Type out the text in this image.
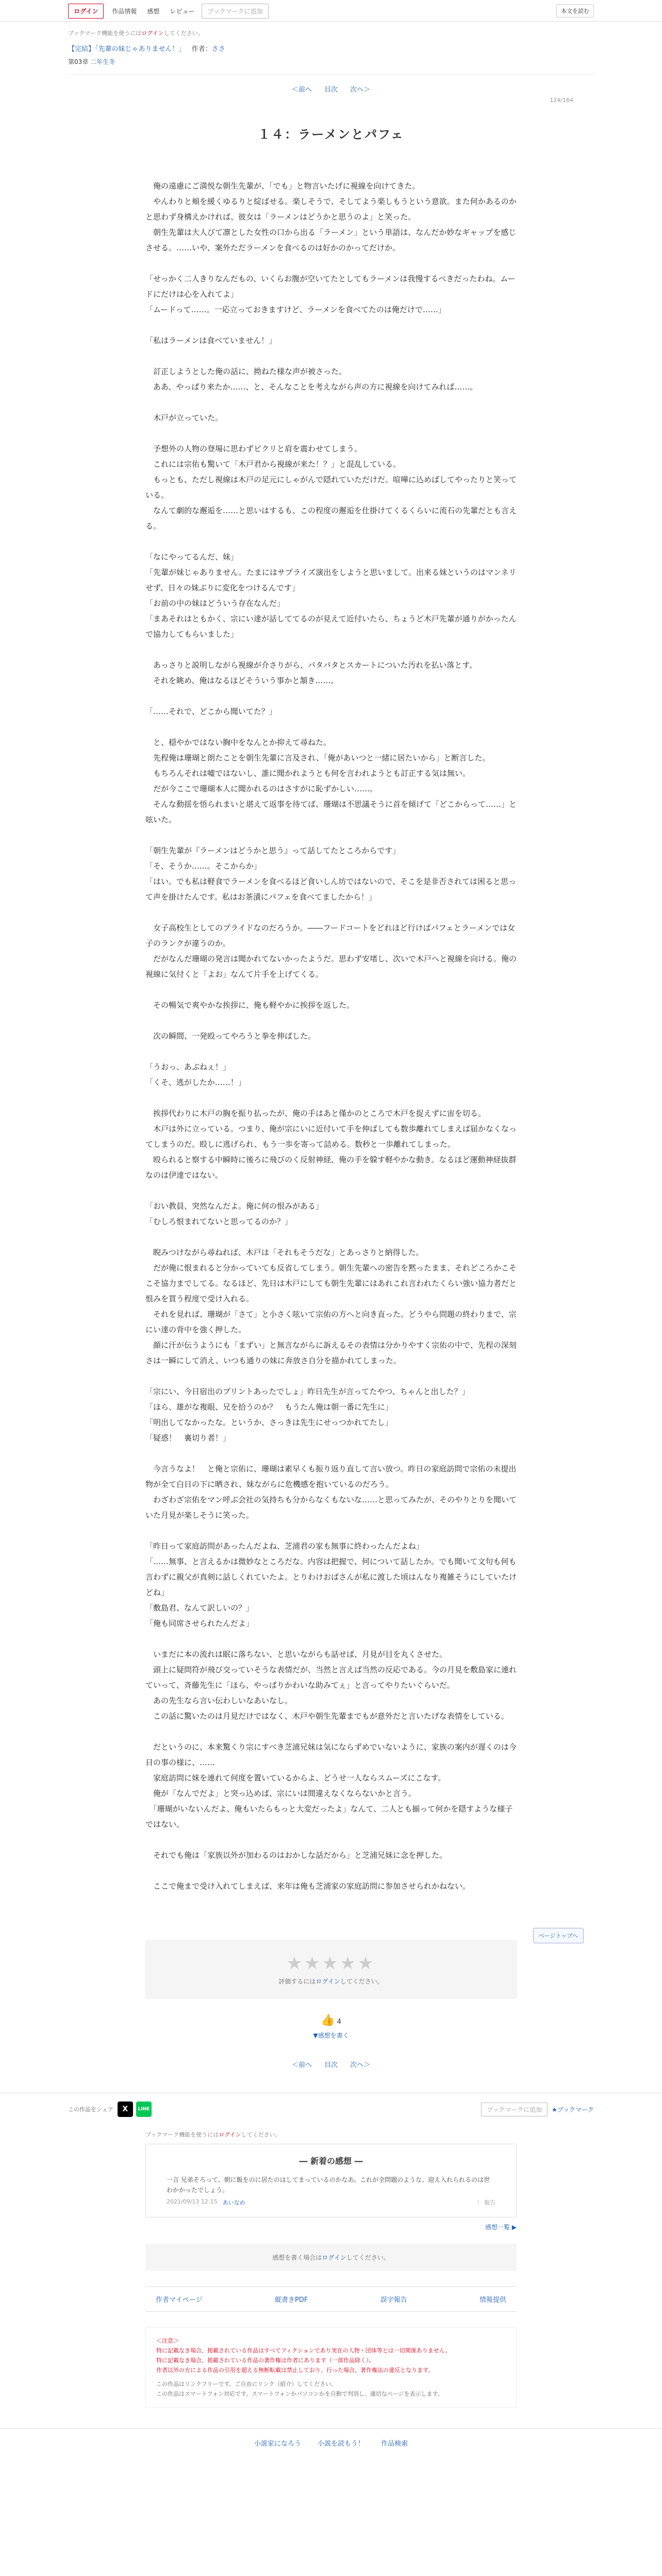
ログイン	作品情報	感想	レビュー	ブックマークに追加	本文を読む
ブックマーク機能を使うにはログインしてください。
【完結】「先輩の妹じゃありません！」 作者：ささ
第03章 二年生冬
＜前へ 目次 次へ＞
124/164
１４：ラーメンとパフェ

　俺の遠慮にご満悦な朝生先輩が、「でも」と物言いたげに視線を向けてきた。

　やんわりと頬を緩くゆるりと綻ばせる。楽しそうで、そしてよう楽しもうという意欲。また何かあるのかと思わず身構えかければ、彼女は「ラーメンはどうかと思うのよ」と笑った。

　朝生先輩は大人びて凛とした女性の口から出る「ラーメン」という単語は、なんだか妙なギャップを感じさせる。……いや、案外ただラーメンを食べるのは好かのかってだけか。

「せっかく二人きりなんだもの、いくらお腹が空いてたとしてもラーメンは我慢するべきだったわね。ムードにだけは心を入れてよ」

「ムードって……。一応立っておきますけど、ラーメンを食べてたのは俺だけで……」

「私はラーメンは食べていません！」

　訂正しようとした俺の話に、拗ねた様な声が被さった。

　ああ、やっぱり来たか……、と、そんなことを考えながら声の方に視線を向けてみれば……。

　木戸が立っていた。

　予想外の人物の登場に思わずビクリと肩を震わせてしまう。

　これには宗佑も驚いて「木戸君から視線が来た！？」と混乱している。

　もっとも、ただし視線は木戸の足元にしゃがんで隠れていただけだ。喧嘩に込めばしてやったりと笑っている。

　なんて劇的な邂逅を……と思いはするも、この程度の邂逅を仕掛けてくるくらいに流石の先輩だとも言える。

「なにやってるんだ、妹」

「先輩が妹じゃありません。たまにはサプライズ演出をしようと思いまして。出来る妹というのはマンネリせず、日々の妹ぶりに変化をつけるんです」

「お前の中の妹はどういう存在なんだ」

「まあそれはともかく、宗にい達が話しててるのが見えて近付いたら、ちょうど木戸先輩が通りがかったんで協力してもらいました」

　あっさりと説明しながら視線が介さりがら、パタパタとスカートについた汚れを払い落とす。

　それを眺め、俺はなるほどそういう事かと頷き……。

「……それで、どこから聞いてた？」

　と、穏やかではない胸中をなんとか抑えて尋ねた。

　先程俺は珊瑚と朗たことを朝生先輩に言及され、「俺があいつと一緒に居たいから」と断言した。

　もちろんそれは嘘ではないし、誰に聞かれようとも何を言われようとも訂正する気は無い。

　だが今ここで珊瑚本人に聞かれるのはさすがに恥ずかしい……。

　そんな動揺を悟られまいと堪えて返事を待てば、珊瑚は不思議そうに首を傾げて「どこからって……」と呟いた。

「朝生先輩が『ラーメンはどうかと思う』って話してたところからです」

「そ、そうか……。そこからか」

「はい。でも私は軽食でラーメンを食べるほど食いしん坊ではないので、そこを是非否されては困ると思って声を掛けたんです。私はお茶漬にパフェを食べてましたから！」

　女子高校生としてのプライドなのだろうか。――フードコートをどれほど行けばパフェとラーメンでは女子のランクが違うのか。

　だがなんだ珊瑚の発言は聞かれてないかったようだ。思わず安堵し、次いで木戸へと視線を向ける。俺の視線に気付くと「よお」なんて片手を上げてくる。

　その暢気で爽やかな挨拶に、俺も軽やかに挨拶を返した。

　次の瞬間、一発殴ってやろうと拳を伸ばした。

「うおっ、あぶねぇ！」

「くそ、逃がしたか……！」

　挨拶代わりに木戸の胸を振り払ったが、俺の手はあと僅かのところで木戸を捉えずに宙を切る。

　木戸は外に立っている。つまり、俺が宗にいに近付いて手を伸ばしても数歩離れてしまえば届かなくなってしまうのだ。殴しに逃げられ、もう一歩を寄って詰める。数秒と一歩離れてしまった。

　殴られると察する中瞬時に後ろに飛びのく反射神経、俺の手を躱す軽やかな動き。なるほど運動神経抜群なのは伊達ではない。

「おい教員、突然なんだよ。俺に何の恨みがある」

「むしろ恨まれてないと思ってるのか？」

　睨みつけながら尋ねれば、木戸は「それもそうだな」とあっさりと納得した。

　だが俺に恨まれると分かっていても反省してしまう。朝生先輩への密告を黙ったまま、それどころかこそこそ協力までしてる。なるほど、先日は木戸にしても朝生先輩にはあれこれ言われたくらい強い協力者だと恨みを買う程度で受け入れる。

　それを見れば、珊瑚が「さて」と小さく呟いて宗佑の方へと向き直った。どうやら問題の終わりまで、宗にい達の背中を強く押した。

　顔に汗が伝うようにも「まずい」と無言ながらに訴えるその表情は分かりやすく宗佑の中で、先程の深刻さは一瞬にして消え、いつも通りの妹に奔放さ自分を描かれてしまった。

「宗にい、今日宿出のプリントあったでしょ」昨日先生が言ってたやつ、ちゃんと出した？」

「ほら、雄がな複眼、兄を拾うのか？　もうたん俺は朝一番に先生に」

「明出してなかったな。というか、さっきは先生にせっつかれてたし」

「疑惑！　裏切り者！」

　今言うなよ！　と俺と宗佑に、珊瑚は素早くも振り返り直して言い放つ。昨日の家庭訪問で宗佑の未提出物が全て白日の下に晒され、妹ながらに危機感を抱いているのだろう。

　わざわざ宗佑をマン呼ぶ会社の気持ちも分からなくもないな……と思ってみたが、そのやりとりを聞いていた月見が楽しそうに笑った。

「昨日って家庭訪問があったんだよね、芝浦君の家も無事に終わったんだよね」

「……無事、と言えるかは微妙なところだな。内容は把握で、何について話したか。でも聞いて文句も何も言わずに親父が真剣に話しくれていたよ。とりわけおばさんが私に渡した頃はんなり複雑そうにしていたけどね」

「敷島君、なんて訳しいの？」

「俺も同席させられたんだよ」

　いまだに本の流れは眠に落ちない、と思いながらも話せば、月見が目を丸くさせた。

　頭上に疑問符が飛び交っていそうな表情だが、当然と言えば当然の反応である。今の月見を敷島家に連れていって、斉藤先生に「ほら、やっぱりかわいな助みてぇ」と言ってやりたいぐらいだ。

　あの先生なら言い伝わしいなあいなし。

　この話に驚いたのは月見だけではなく、木戸や朝生先輩までもが意外だと言いたげな表情をしている。

　だというのに、本来驚くり宗にすべき芝浦兄妹は気にならずめでいないように、家族の案内が遅くのは今日の事の様に、……

　家庭訪問に妹を連れて何度を置いているからよ、どうせ一人ならスムーズにこなす。

　俺が「なんでだよ」と突っ込めば、宗にいは間違えなくならないかと言う。

　「珊瑚がいないんだよ、俺もいたらもっと大変だったよ」なんて、二人とも揃って何かを隠すような様子ではない。

　それでも俺は「家族以外が加わるのはおかしな話だから」と芝浦兄妹に念を押した。

　ここで俺まで受け入れてしまえば、来年は俺も芝浦家の家庭訪問に参加させられかねない。

ページトップへ
★★★★★
評価するにはログインしてください。
👍 4
▼感想を書く
＜前へ 目次 次へ＞
この作品をシェア	X	LINE	ブックマークに追加	★ブックマーク
ブックマーク機能を使うにはログインしてください。
― 新着の感想 ―
一言 兄弟そろって、朝に飯をのに居たのはしてまっているのかなあ。これが全問題のような、迎え入れられるのは世わかかったでしょう。
2021/09/13 12:15 あいなめ	！ 報告
感想一覧 ▶
感想を書く場合はログインしてください。
作者マイページ	縦書きPDF	誤字報告	情報提供
＜注意＞
特に記載なき場合、掲載されている作品はすべてフィクションであり実在の人物・団体等とは一切関係ありません。
特に記載なき場合、掲載されている作品の著作権は作者にあります（一部作品除く）。
作者以外の方による作品の引用を超える無断転載は禁止しており、行った場合、著作権法の違反となります。
この作品はリンクフリーです。ご自由にリンク（紹介）してください。
この作品はスマートフォン対応です。スマートフォンかパソコンかを自動で判別し、適切なページを表示します。
小説家になろう 小説を読もう！ 作品検索
